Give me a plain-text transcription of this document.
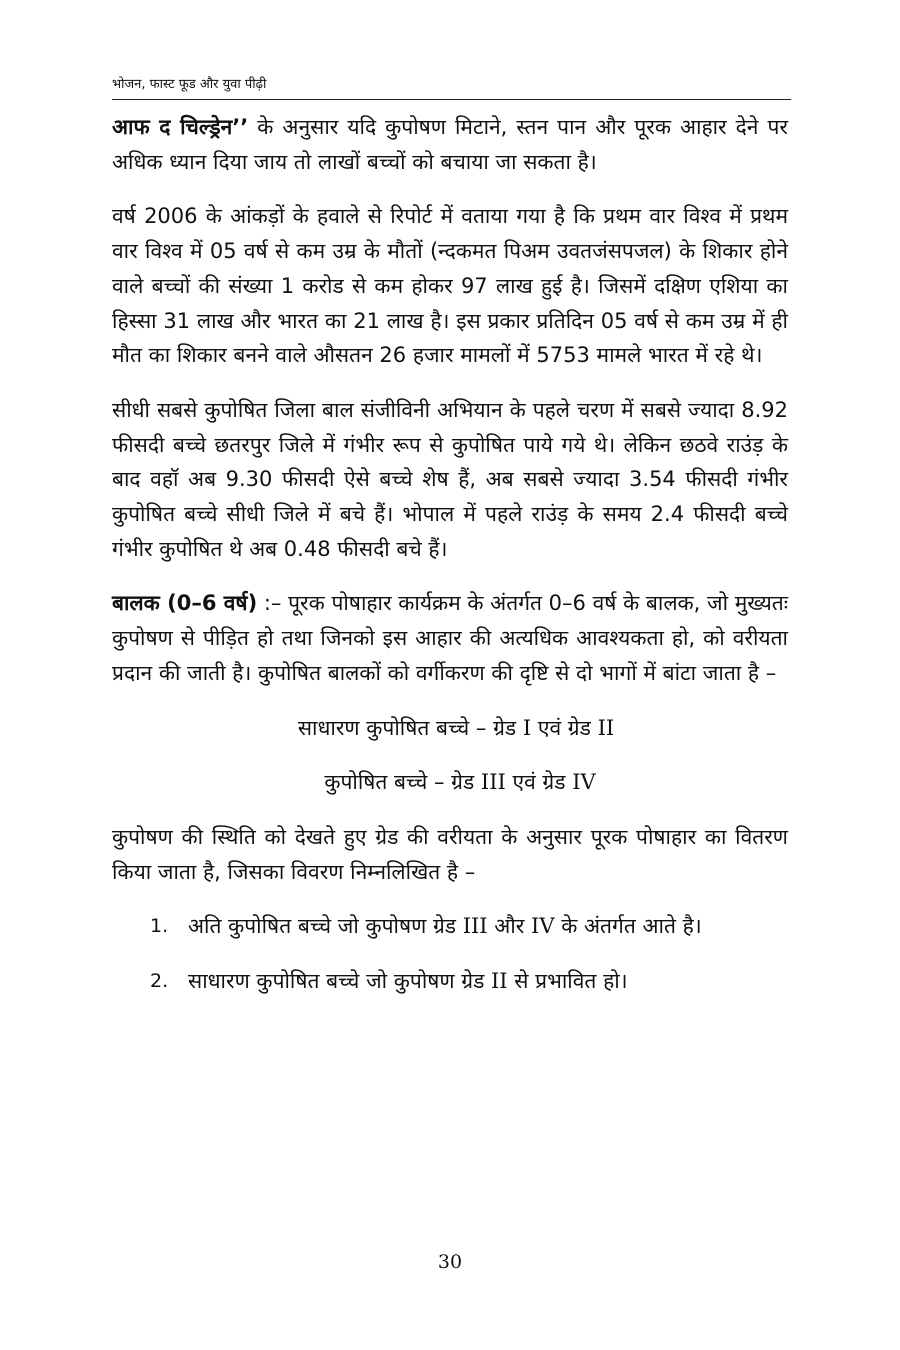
भोजन, फास्ट फूड और युवा पीढ़ी

आफ द चिल्ड्रेन’’ के अनुसार यदि कुपोषण मिटाने, स्तन पान और पूरक आहार देने पर अधिक ध्यान दिया जाय तो लाखों बच्चों को बचाया जा सकता है।

वर्ष 2006 के आंकड़ों के हवाले से रिपोर्ट में वताया गया है कि प्रथम वार विश्व में प्रथम वार विश्व में 05 वर्ष से कम उम्र के मौतों (न्दकमत पिअम उवतजंसपजल) के शिकार होने वाले बच्चों की संख्या 1 करोड से कम होकर 97 लाख हुई है। जिसमें दक्षिण एशिया का हिस्सा 31 लाख और भारत का 21 लाख है। इस प्रकार प्रतिदिन 05 वर्ष से कम उम्र में ही मौत का शिकार बनने वाले औसतन 26 हजार मामलों में 5753 मामले भारत में रहे थे।

सीधी सबसे कुपोषित जिला बाल संजीविनी अभियान के पहले चरण में सबसे ज्यादा 8.92 फीसदी बच्चे छतरपुर जिले में गंभीर रूप से कुपोषित पाये गये थे। लेकिन छठवे राउंड़ के बाद वहॉ अब 9.30 फीसदी ऐसे बच्चे शेष हैं, अब सबसे ज्यादा 3.54 फीसदी गंभीर कुपोषित बच्चे सीधी जिले में बचे हैं। भोपाल में पहले राउंड़ के समय 2.4 फीसदी बच्चे गंभीर कुपोषित थे अब 0.48 फीसदी बचे हैं।

बालक (0–6 वर्ष) :– पूरक पोषाहार कार्यक्रम के अंतर्गत 0–6 वर्ष के बालक, जो मुख्यतः कुपोषण से पीड़ित हो तथा जिनको इस आहार की अत्यधिक आवश्यकता हो, को वरीयता प्रदान की जाती है। कुपोषित बालकों को वर्गीकरण की दृष्टि से दो भागों में बांटा जाता है –

साधारण कुपोषित बच्चे – ग्रेड I एवं ग्रेड II

कुपोषित बच्चे – ग्रेड III एवं ग्रेड IV

कुपोषण की स्थिति को देखते हुए ग्रेड की वरीयता के अनुसार पूरक पोषाहार का वितरण किया जाता है, जिसका विवरण निम्नलिखित है –

1. अति कुपोषित बच्चे जो कुपोषण ग्रेड III और IV के अंतर्गत आते है।
2. साधारण कुपोषित बच्चे जो कुपोषण ग्रेड II से प्रभावित हो।
30
